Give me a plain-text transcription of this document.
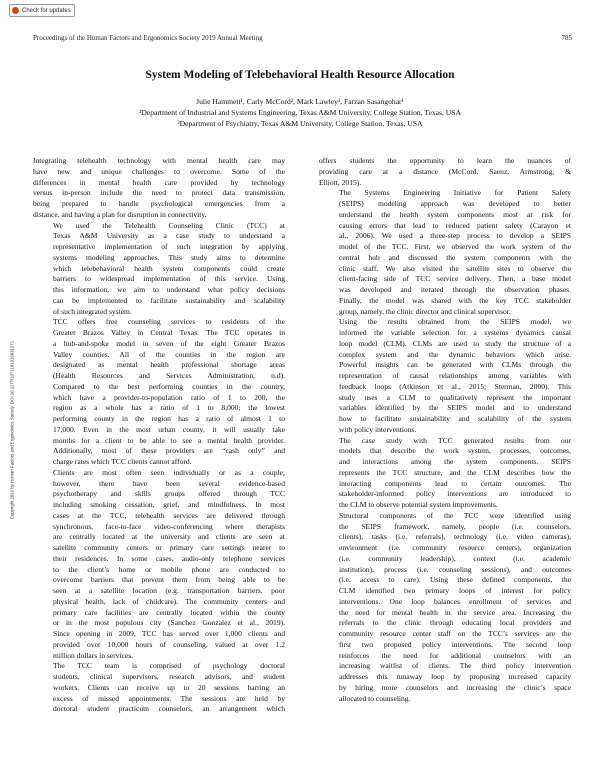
Check for updates
Proceedings of the Human Factors and Ergonomics Society 2019 Annual Meeting	785
System Modeling of Telebehavioral Health Resource Allocation
Julie Hammett¹, Carly McCord², Mark Lawley¹, Farzan Sasangohar¹
¹Department of Industrial and Systems Engineering, Texas A&M University, College Station, Texas, USA
²Department of Psychiatry, Texas A&M University, College Station, Texas, USA
Copyright 2019 by Human Factors and Ergonomics Society. DOI 10.1177/1071181319631271

Integrating telehealth technology with mental health care may
have new and unique challenges to overcome. Some of the
differences in mental health care provided by technology
versus in-person include the need to protect data transmission,
being prepared to handle psychological emergencies from a
distance, and having a plan for disruption in connectivity.

We used the Telehealth Counseling Clinic (TCC) at
Texas A&M University as a case study to understand a
representative implementation of such integration by applying
systems modeling approaches. This study aims to determine
which telebehavioral health system components could create
barriers to widespread implementation of this service. Using
this information, we aim to understand what policy decisions
can be implemented to facilitate sustainability and scalability
of such integrated system.

TCC offers free counseling services to residents of the
Greater Brazos Valley in Central Texas. The TCC operates in
a hub-and-spoke model in seven of the eight Greater Brazos
Valley counties. All of the counties in the region are
designated as mental health professional shortage areas
(Health Resources and Services Administration, n.d).
Compared to the best performing counties in the country,
which have a provider-to-population ratio of 1 to 200, the
region as a whole has a ratio of 1 to 8,000; the lowest
performing county in the region has a ratio of almost 1 to
17,000. Even in the most urban county, it will usually take
months for a client to be able to see a mental health provider.
Additionally, most of these providers are “cash only” and
charge rates which TCC clients cannot afford.

Clients are most often seen individually or as a couple;
however, there have been several evidence-based
psychotherapy and skills groups offered through TCC
including smoking cessation, grief, and mindfulness. In most
cases at the TCC, telehealth services are delivered through
synchronous, face-to-face video-conferencing where therapists
are centrally located at the university and clients are seen at
satellite community centers or primary care settings nearer to
their residences. In some cases, audio-only telephone services
to the client’s home or mobile phone are conducted to
overcome barriers that prevent them from being able to be
seen at a satellite location (e.g. transportation barriers, poor
physical health, lack of childcare). The community centers and
primary care facilities are centrally located within the county
or in the most populous city (Sanchez Gonzalez et al., 2019).
Since opening in 2009, TCC has served over 1,000 clients and
provided over 10,000 hours of counseling, valued at over 1.2
million dollars in services.

The TCC team is comprised of psychology doctoral
students, clinical supervisors, research advisors, and student
workers. Clients can receive up to 20 sessions barring an
excess of missed appointments. The sessions are held by
doctoral student practicum counselors, an arrangement which

offers students the opportunity to learn the nuances of
providing care at a distance (McCord, Saenz, Armstrong, &
Elliott, 2015).

The Systems Engineering Initiative for Patient Safety
(SEIPS) modeling approach was developed to better
understand the health system components most at risk for
causing errors that lead to reduced patient safety (Carayon et
al., 2006). We used a three-step process to develop a SEIPS
model of the TCC. First, we observed the work system of the
central hub and discussed the system components with the
clinic staff. We also visited the satellite sites to observe the
client-facing side of TCC service delivery. Then, a base model
was developed and iterated through the observation phases.
Finally, the model was shared with the key TCC stakeholder
group, namely, the clinic director and clinical supervisor.

Using the results obtained from the SEIPS model, we
informed the variable selection for a systems dynamics causal
loop model (CLM). CLMs are used to study the structure of a
complex system and the dynamic behaviors which arise.
Powerful insights can be generated with CLMs through the
representation of causal relationships among variables with
feedback loops (Atkinson et al., 2015; Sterman, 2000). This
study uses a CLM to qualitatively represent the important
variables identified by the SEIPS model and to understand
how to facilitate sustainability and scalability of the system
with policy interventions.

The case study with TCC generated results from our
models that describe the work system, processes, outcomes,
and interactions among the system components. SEIPS
represents the TCC structure, and the CLM describes how the
interacting components lead to certain outcomes. The
stakeholder-informed policy interventions are introduced to
the CLM to observe potential system improvements.

Structural components of the TCC were identified using
the SEIPS framework, namely, people (i.e. counselors,
clients), tasks (i.e. referrals), technology (i.e. video cameras),
environment (i.e. community resource centers), organization
(i.e. community leadership), context (i.e. academic
institution), process (i.e. counseling sessions), and outcomes
(i.e. access to care). Using these defined components, the
CLM identified two primary loops of interest for policy
interventions. One loop balances enrollment of services and
the need for mental health in the service area. Increasing the
referrals to the clinic through educating local providers and
community resource center staff on the TCC’s services are the
first two proposed policy interventions. The second loop
reinforces the need for additional counselors with an
increasing waitlist of clients. The third policy intervention
addresses this runaway loop by proposing increased capacity
by hiring more counselors and increasing the clinic’s space
allocated to counseling.
